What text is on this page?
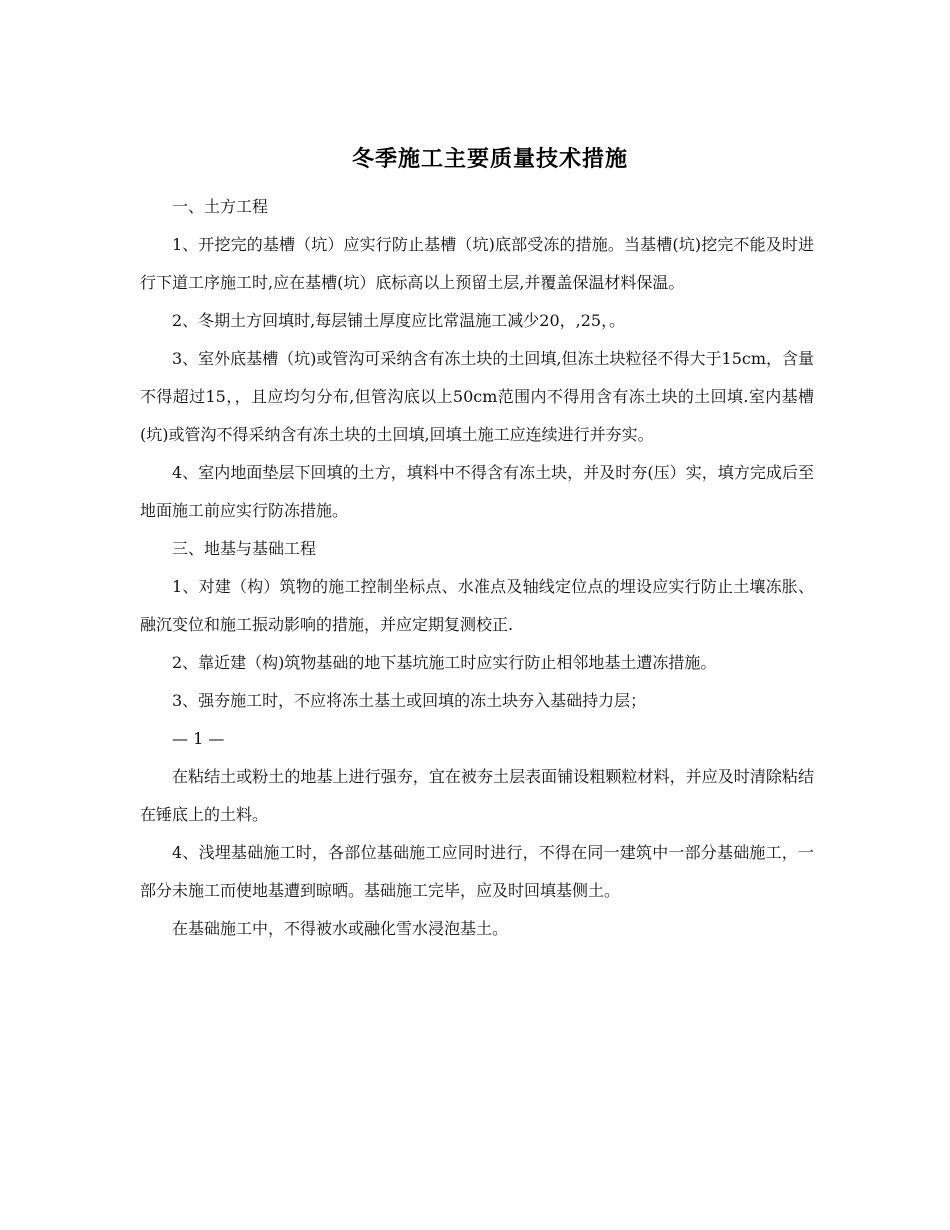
冬季施工主要质量技术措施

一、土方工程

1、开挖完的基槽（坑）应实行防止基槽（坑)底部受冻的措施。当基槽(坑)挖完不能及时进行下道工序施工时,应在基槽(坑）底标高以上预留土层,并覆盖保温材料保温。

2、冬期土方回填时,每层铺土厚度应比常温施工减少20，,25，。

3、室外底基槽（坑)或管沟可采纳含有冻土块的土回填,但冻土块粒径不得大于15cm，含量不得超过15，，且应均匀分布,但管沟底以上50cm范围内不得用含有冻土块的土回填.室内基槽(坑)或管沟不得采纳含有冻土块的土回填,回填土施工应连续进行并夯实。

4、室内地面垫层下回填的土方，填料中不得含有冻土块，并及时夯(压）实，填方完成后至地面施工前应实行防冻措施。

三、地基与基础工程

1、对建（构）筑物的施工控制坐标点、水准点及轴线定位点的埋设应实行防止土壤冻胀、融沉变位和施工振动影响的措施，并应定期复测校正.

2、靠近建（构)筑物基础的地下基坑施工时应实行防止相邻地基土遭冻措施。

3、强夯施工时，不应将冻土基土或回填的冻土块夯入基础持力层；

— 1 —

在粘结土或粉土的地基上进行强夯，宜在被夯土层表面铺设粗颗粒材料，并应及时清除粘结在锤底上的土料。

4、浅埋基础施工时，各部位基础施工应同时进行，不得在同一建筑中一部分基础施工，一部分未施工而使地基遭到晾晒。基础施工完毕，应及时回填基侧土。

在基础施工中，不得被水或融化雪水浸泡基土。
